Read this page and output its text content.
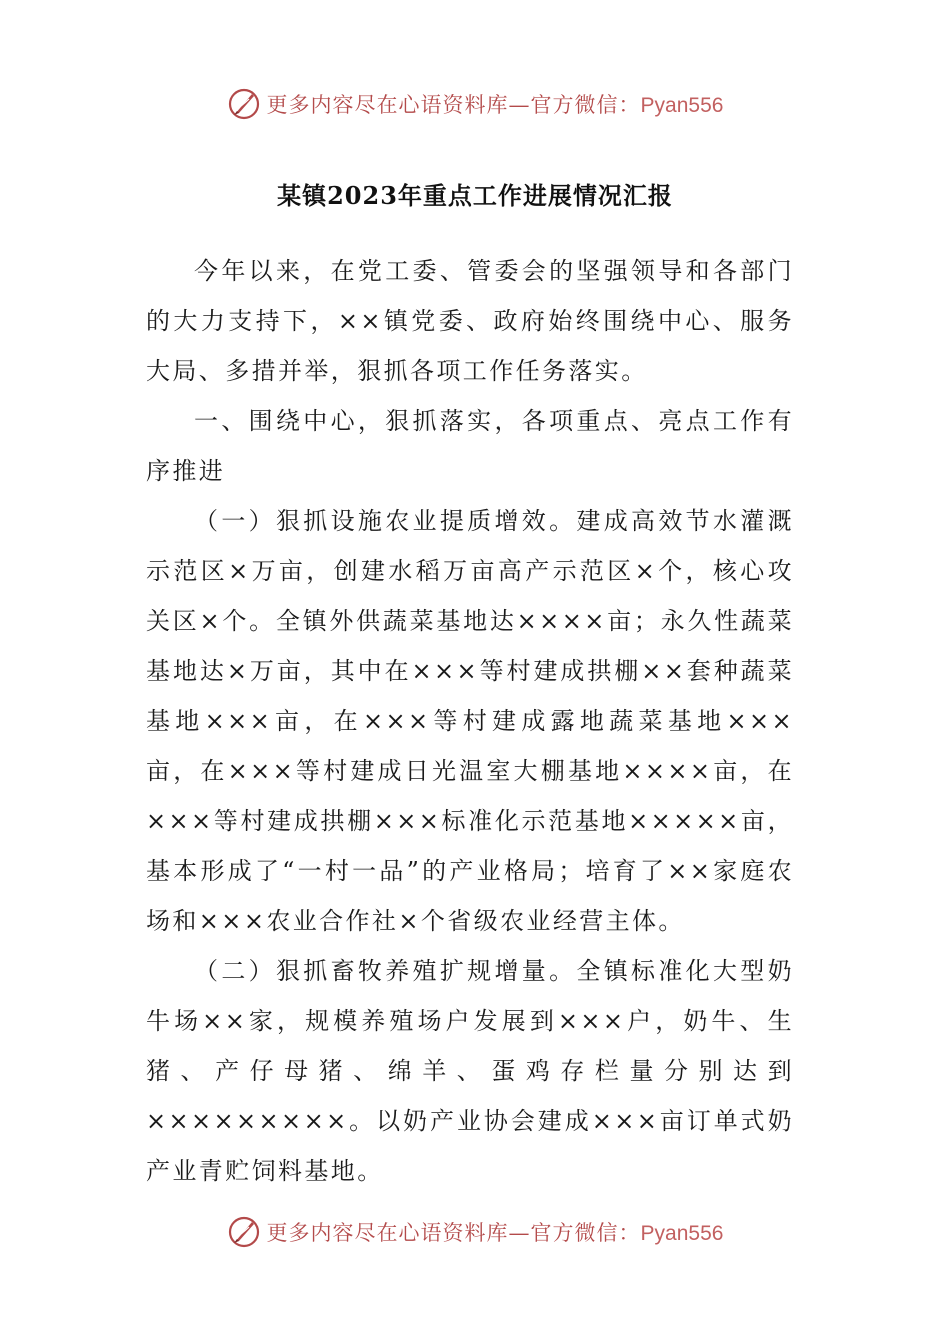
更多内容尽在心语资料库—官方微信：Pyan556
某镇2023年重点工作进展情况汇报

今年以来，在党工委、管委会的坚强领导和各部门的大力支持下，××镇党委、政府始终围绕中心、服务大局、多措并举，狠抓各项工作任务落实。

一、围绕中心，狠抓落实，各项重点、亮点工作有序推进

（一）狠抓设施农业提质增效。建成高效节水灌溉示范区×万亩，创建水稻万亩高产示范区×个，核心攻关区×个。全镇外供蔬菜基地达××××亩；永久性蔬菜基地达×万亩，其中在×××等村建成拱棚××套种蔬菜基地×××亩，在×××等村建成露地蔬菜基地×××亩，在×××等村建成日光温室大棚基地××××亩，在×××等村建成拱棚×××标准化示范基地×××××亩，基本形成了“一村一品”的产业格局；培育了××家庭农场和×××农业合作社×个省级农业经营主体。

（二）狠抓畜牧养殖扩规增量。全镇标准化大型奶牛场××家，规模养殖场户发展到×××户，奶牛、生猪、产仔母猪、绵羊、蛋鸡存栏量分别达到×××××××××。以奶产业协会建成×××亩订单式奶产业青贮饲料基地。

更多内容尽在心语资料库—官方微信：Pyan556
